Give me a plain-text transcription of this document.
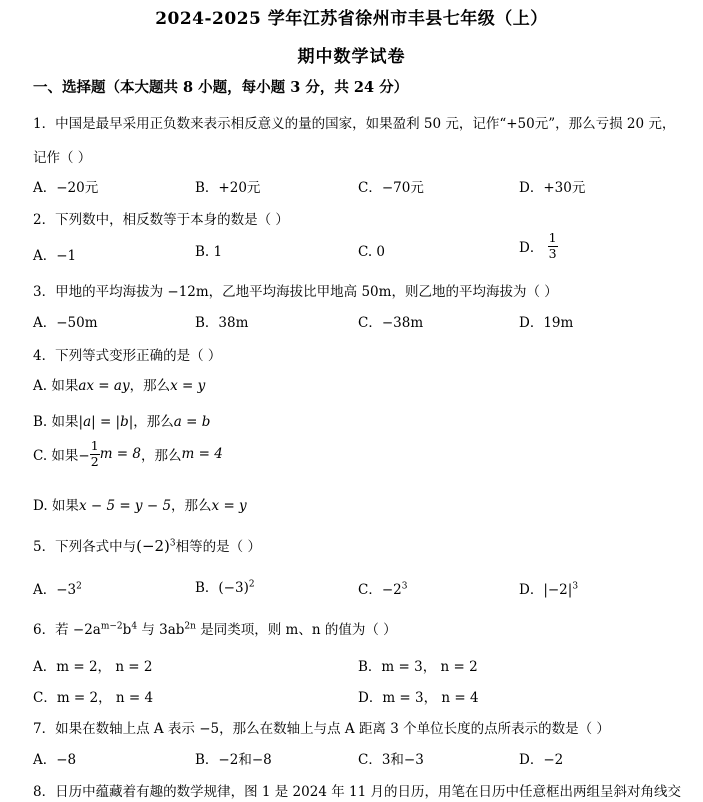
2024-2025 学年江苏省徐州市丰县七年级（上）
期中数学试卷
一、选择题（本大题共 8 小题，每小题 3 分，共 24 分）
1．中国是最早采用正负数来表示相反意义的量的国家，如果盈利 50 元，记作“+50元”，那么亏损 20 元，
记作（ ）
A．−20元	B．+20元	C．−70元	D．+30元
2．下列数中，相反数等于本身的数是（ ）
A．−1	B. 1	C. 0	D． $\frac{1}{3}$
3．甲地的平均海拔为 −12m，乙地平均海拔比甲地高 50m，则乙地的平均海拔为（ ）
A．−50m	B．38m	C．−38m	D．19m
4．下列等式变形正确的是（ ）
A. 如果ax = ay，那么x = y
B. 如果|a| = |b|，那么a = b
C. 如果− $\frac{1}{2}$ m = 8，那么m = 4
D. 如果x − 5 = y − 5，那么x = y
5．下列各式中与$(-2)^3$相等的是（ ）
A．$-3^2$	B．$(-3)^2$	C．$-2^3$	D．$|-2|^3$
6．若 $-2a^{m-2}b^4$ 与 $3ab^{2n}$ 是同类项，则 m、n 的值为（ ）
A．m = 2， n = 2	B．m = 3， n = 2
C．m = 2， n = 4	D．m = 3， n = 4
7．如果在数轴上点 A 表示 −5，那么在数轴上与点 A 距离 3 个单位长度的点所表示的数是（ ）
A．−8	B．−2和−8	C．3和−3	D．−2
8．日历中蕴藏着有趣的数学规律，图 1 是 2024 年 11 月的日历，用笔在日历中任意框出两组呈斜对角线交
